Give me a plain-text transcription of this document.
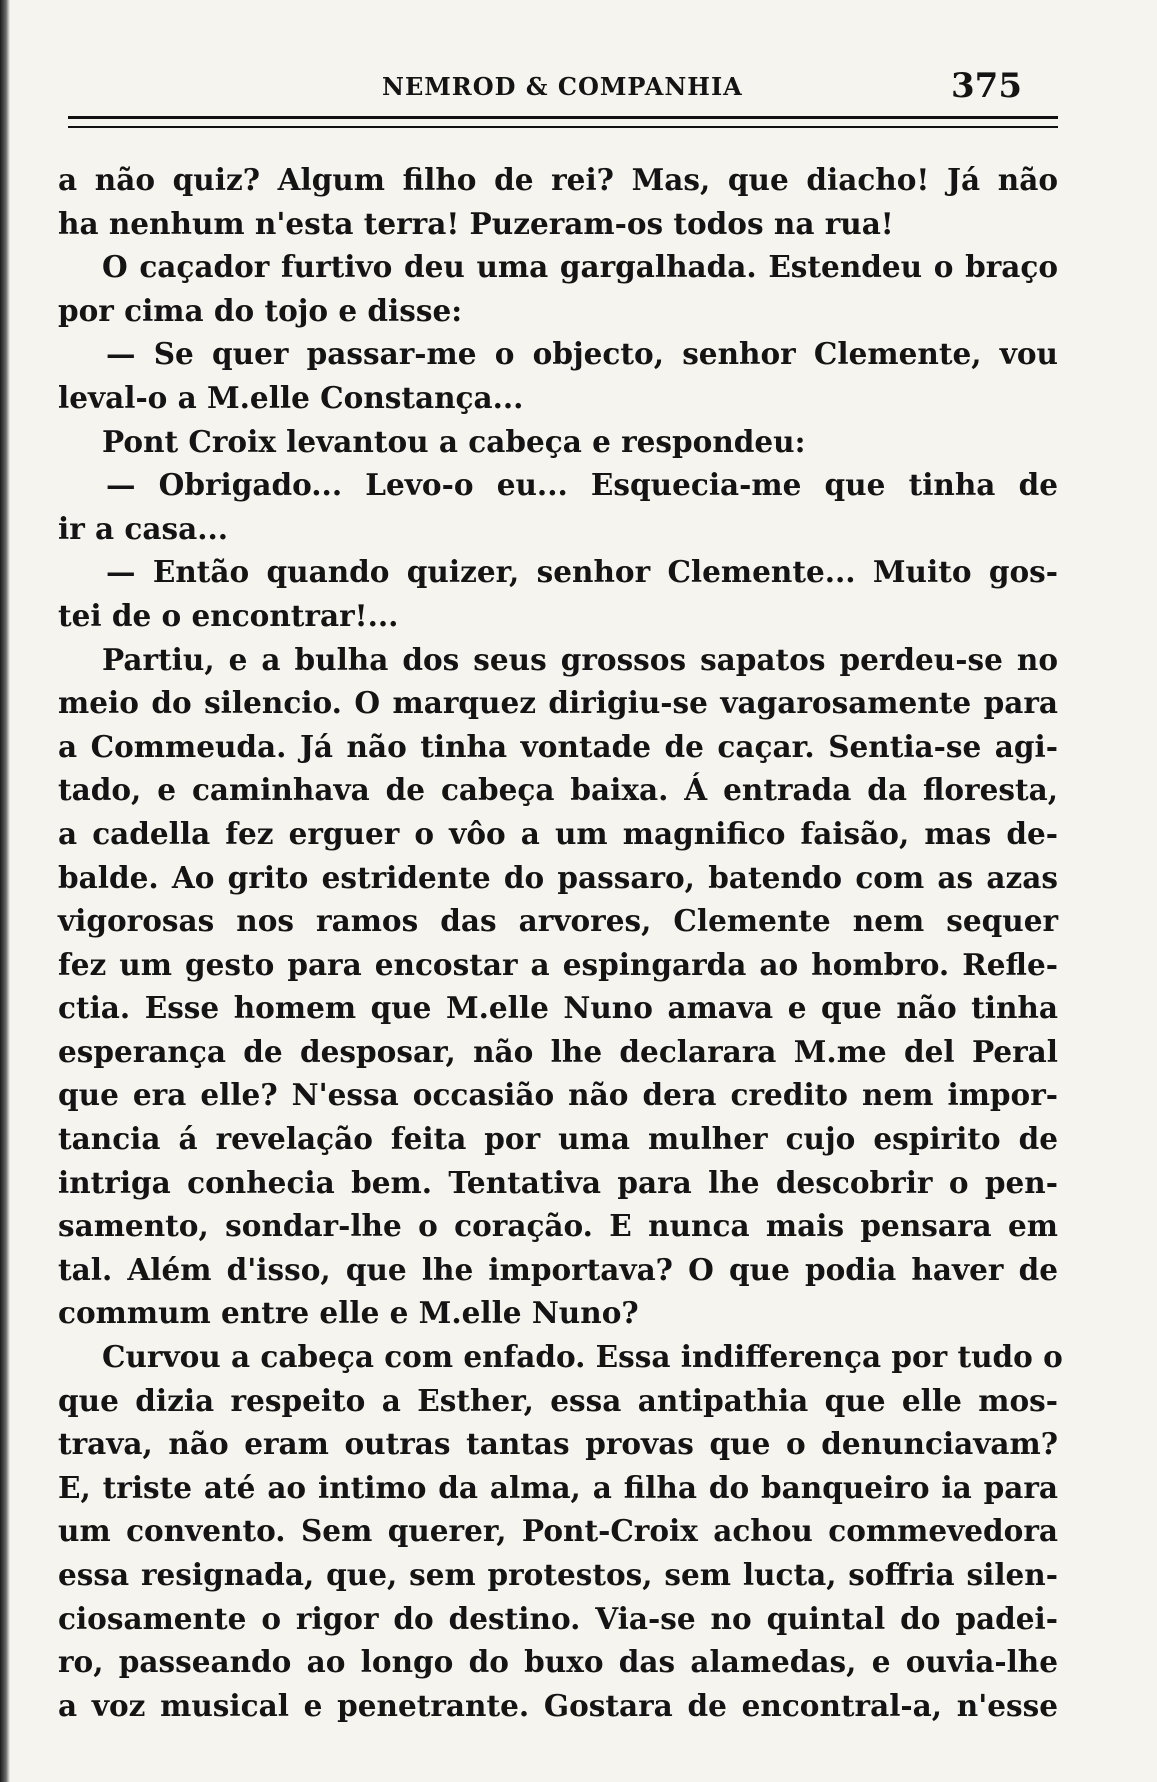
NEMROD & COMPANHIA	375
a não quiz? Algum filho de rei? Mas, que diacho! Já não
ha nenhum n'esta terra! Puzeram-os todos na rua!
O caçador furtivo deu uma gargalhada. Estendeu o braço
por cima do tojo e disse:
— Se quer passar-me o objecto, senhor Clemente, vou
leval-o a M.elle Constança...
Pont Croix levantou a cabeça e respondeu:
— Obrigado... Levo-o eu... Esquecia-me que tinha de
ir a casa...
— Então quando quizer, senhor Clemente... Muito gos-
tei de o encontrar!...
Partiu, e a bulha dos seus grossos sapatos perdeu-se no
meio do silencio. O marquez dirigiu-se vagarosamente para
a Commeuda. Já não tinha vontade de caçar. Sentia-se agi-
tado, e caminhava de cabeça baixa. Á entrada da floresta,
a cadella fez erguer o vôo a um magnifico faisão, mas de-
balde. Ao grito estridente do passaro, batendo com as azas
vigorosas nos ramos das arvores, Clemente nem sequer
fez um gesto para encostar a espingarda ao hombro. Refle-
ctia. Esse homem que M.elle Nuno amava e que não tinha
esperança de desposar, não lhe declarara M.me del Peral
que era elle? N'essa occasião não dera credito nem impor-
tancia á revelação feita por uma mulher cujo espirito de
intriga conhecia bem. Tentativa para lhe descobrir o pen-
samento, sondar-lhe o coração. E nunca mais pensara em
tal. Além d'isso, que lhe importava? O que podia haver de
commum entre elle e M.elle Nuno?
Curvou a cabeça com enfado. Essa indifferença por tudo o
que dizia respeito a Esther, essa antipathia que elle mos-
trava, não eram outras tantas provas que o denunciavam?
E, triste até ao intimo da alma, a filha do banqueiro ia para
um convento. Sem querer, Pont-Croix achou commevedora
essa resignada, que, sem protestos, sem lucta, soffria silen-
ciosamente o rigor do destino. Via-se no quintal do padei-
ro, passeando ao longo do buxo das alamedas, e ouvia-lhe
a voz musical e penetrante. Gostara de encontral-a, n'esse
